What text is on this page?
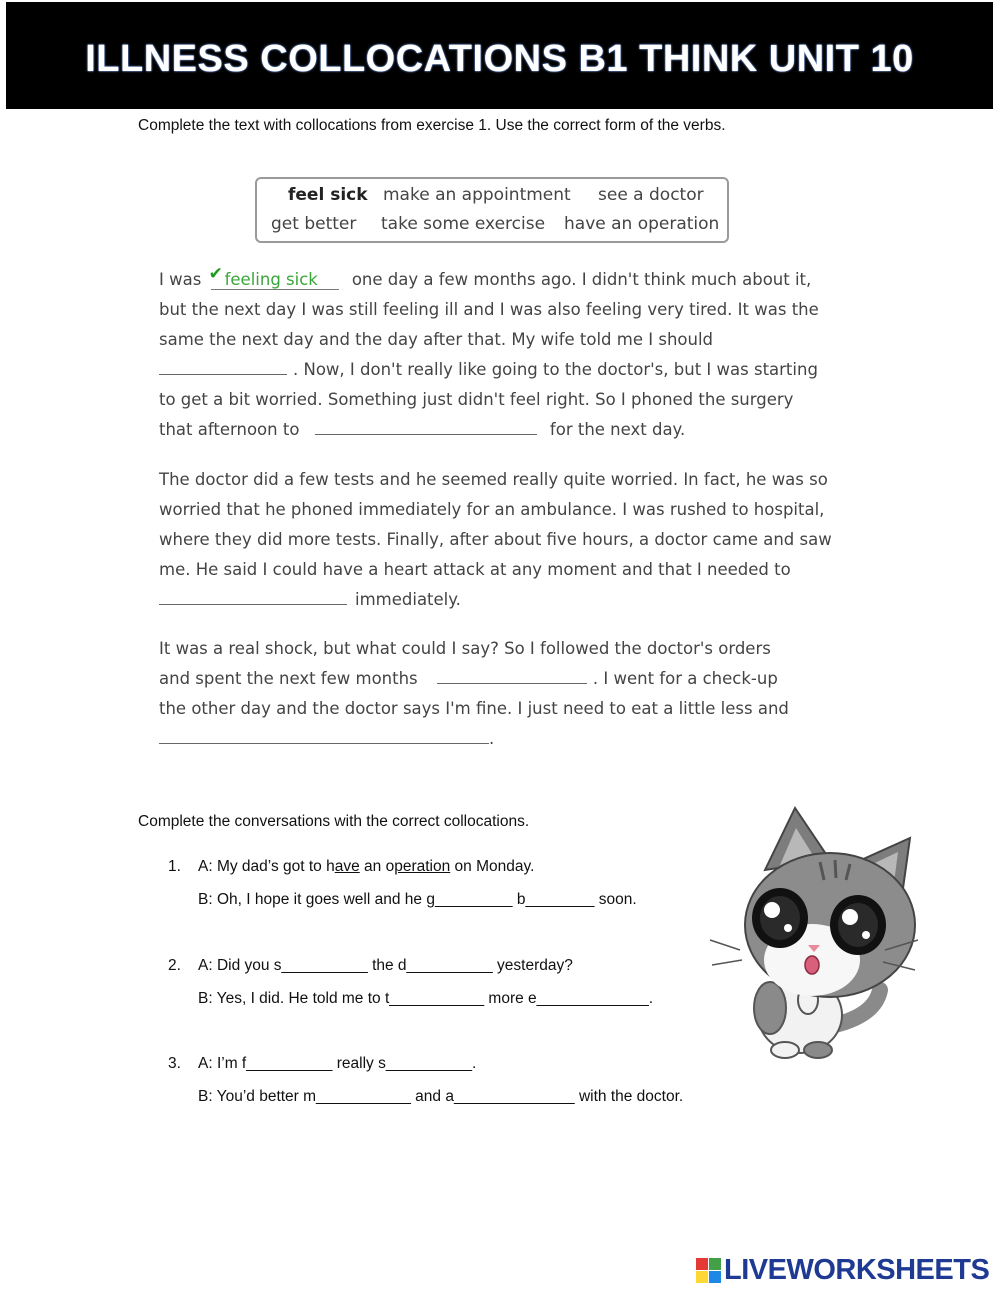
ILLNESS COLLOCATIONS B1 THINK UNIT 10
Complete the text with collocations from exercise 1. Use the correct form of the verbs.
feel sick make an appointment see a doctor
get better take some exercise have an operation
I was ✔ feeling sick one day a few months ago. I didn't think much about it,
but the next day I was still feeling ill and I was also feeling very tired. It was the
same the next day and the day after that. My wife told me I should
. Now, I don't really like going to the doctor's, but I was starting
to get a bit worried. Something just didn't feel right. So I phoned the surgery
that afternoon to	for the next day.
The doctor did a few tests and he seemed really quite worried. In fact, he was so
worried that he phoned immediately for an ambulance. I was rushed to hospital,
where they did more tests. Finally, after about five hours, a doctor came and saw
me. He said I could have a heart attack at any moment and that I needed to
immediately.
It was a real shock, but what could I say? So I followed the doctor's orders
and spent the next few months	. I went for a check-up
the other day and the doctor says I'm fine. I just need to eat a little less and
.
Complete the conversations with the correct collocations.
1. A: My dad’s got to have an operation on Monday.
B: Oh, I hope it goes well and he g_________ b________ soon.
2. A: Did you s__________ the d__________ yesterday?
B: Yes, I did. He told me to t___________ more e_____________.
3. A: I’m f__________ really s__________.
B: You’d better m___________ and a______________ with the doctor.
LIVEWORKSHEETS
